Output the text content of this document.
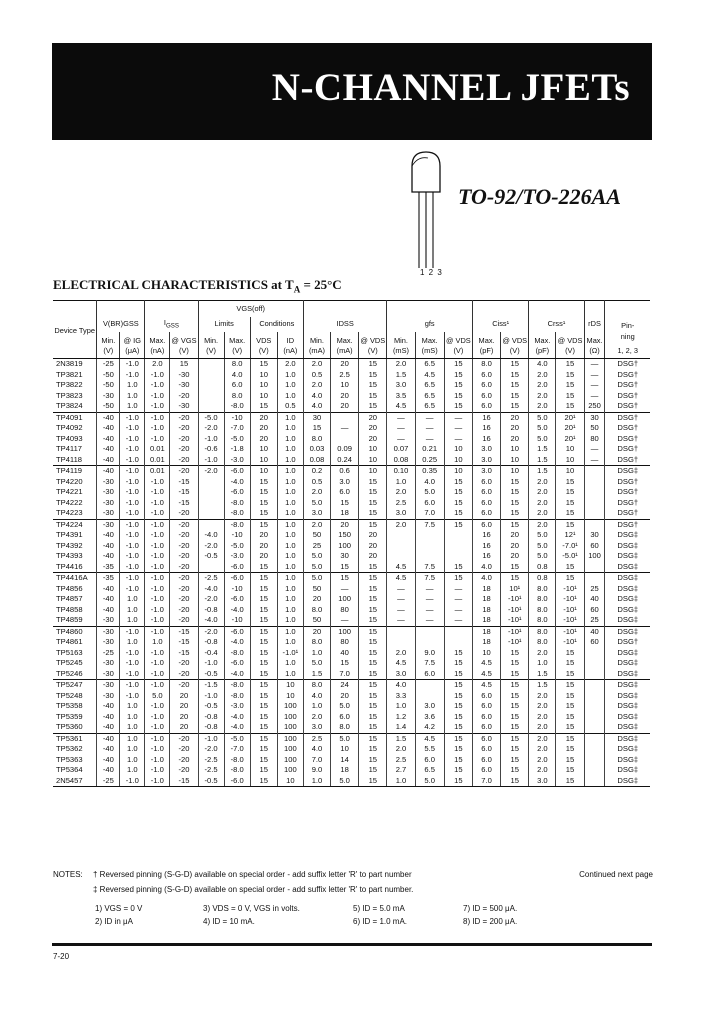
N-CHANNEL JFETs
1 2 3
TO-92/TO-226AA
ELECTRICAL CHARACTERISTICS at $T_A = 25^\circ C$
					VGS(off)															
Device Type	V(BR)GSS		$I_{GSS}$		Limits		Conditions		IDSS			gfs			Ciss¹		Crss¹		rDS	Pin-
ning
	Min.	@ IG	Max.	@ VGS	Min.	Max.	VDS	ID	Min.	Max.	@ VDS	Min.	Max.	@ VDS	Max.	@ VDS	Max.	@ VDS	Max.	
	(V)	(μA)	(nA)	(V)	(V)	(V)	(V)	(nA)	(mA)	(mA)	(V)	(mS)	(mS)	(V)	(pF)	(V)	(pF)	(V)	(Ω)	1, 2, 3
2N3819	-25	-1.0	2.0	15		8.0	15	2.0	2.0	20	15	2.0	6.5	15	8.0	15	4.0	15	—	DSG†
TP3821	-50	-1.0	-1.0	-30		4.0	10	1.0	0.5	2.5	15	1.5	4.5	15	6.0	15	2.0	15	—	DSG†
TP3822	-50	1.0	-1.0	-30		6.0	10	1.0	2.0	10	15	3.0	6.5	15	6.0	15	2.0	15	—	DSG†
TP3823	-30	1.0	-1.0	-20		8.0	10	1.0	4.0	20	15	3.5	6.5	15	6.0	15	2.0	15	—	DSG†
TP3824	-50	1.0	-1.0	-30		-8.0	15	0.5	4.0	20	15	4.5	6.5	15	6.0	15	2.0	15	250	DSG†
TP4091	-40	-1.0	-1.0	-20	-5.0	-10	20	1.0	30		20	—	—	—	16	20	5.0	20¹	30	DSG†
TP4092	-40	-1.0	-1.0	-20	-2.0	-7.0	20	1.0	15	—	20	—	—	—	16	20	5.0	20¹	50	DSG†
TP4093	-40	-1.0	-1.0	-20	-1.0	-5.0	20	1.0	8.0		20	—	—	—	16	20	5.0	20¹	80	DSG†
TP4117	-40	-1.0	0.01	-20	-0.6	-1.8	10	1.0	0.03	0.09	10	0.07	0.21	10	3.0	10	1.5	10	—	DSG†
TP4118	-40	-1.0	0.01	-20	-1.0	-3.0	10	1.0	0.08	0.24	10	0.08	0.25	10	3.0	10	1.5	10	—	DSG†
TP4119	-40	-1.0	0.01	-20	-2.0	-6.0	10	1.0	0.2	0.6	10	0.10	0.35	10	3.0	10	1.5	10		DSG‡
TP4220	-30	-1.0	-1.0	-15		-4.0	15	1.0	0.5	3.0	15	1.0	4.0	15	6.0	15	2.0	15		DSG†
TP4221	-30	-1.0	-1.0	-15		-6.0	15	1.0	2.0	6.0	15	2.0	5.0	15	6.0	15	2.0	15		DSG†
TP4222	-30	-1.0	-1.0	-15		-8.0	15	1.0	5.0	15	15	2.5	6.0	15	6.0	15	2.0	15		DSG†
TP4223	-30	-1.0	-1.0	-20		-8.0	15	1.0	3.0	18	15	3.0	7.0	15	6.0	15	2.0	15		DSG†
TP4224	-30	-1.0	-1.0	-20		-8.0	15	1.0	2.0	20	15	2.0	7.5	15	6.0	15	2.0	15		DSG†
TP4391	-40	-1.0	-1.0	-20	-4.0	-10	20	1.0	50	150	20				16	20	5.0	12¹	30	DSG‡
TP4392	-40	-1.0	-1.0	-20	-2.0	-5.0	20	1.0	25	100	20				16	20	5.0	-7.0¹	60	DSG‡
TP4393	-40	-1.0	-1.0	-20	-0.5	-3.0	20	1.0	5.0	30	20				16	20	5.0	-5.0¹	100	DSG‡
TP4416	-35	-1.0	-1.0	-20		-6.0	15	1.0	5.0	15	15	4.5	7.5	15	4.0	15	0.8	15		DSG‡
TP4416A	-35	-1.0	-1.0	-20	-2.5	-6.0	15	1.0	5.0	15	15	4.5	7.5	15	4.0	15	0.8	15		DSG‡
TP4856	-40	-1.0	-1.0	-20	-4.0	-10	15	1.0	50	—	15	—	—	—	18	10¹	8.0	-10¹	25	DSG‡
TP4857	-40	1.0	-1.0	-20	-2.0	-6.0	15	1.0	20	100	15	—	—	—	18	-10¹	8.0	-10¹	40	DSG‡
TP4858	-40	1.0	-1.0	-20	-0.8	-4.0	15	1.0	8.0	80	15	—	—	—	18	-10¹	8.0	-10¹	60	DSG‡
TP4859	-30	1.0	-1.0	-20	-4.0	-10	15	1.0	50	—	15	—	—	—	18	-10¹	8.0	-10¹	25	DSG‡
TP4860	-30	-1.0	-1.0	-15	-2.0	-6.0	15	1.0	20	100	15				18	-10¹	8.0	-10¹	40	DSG‡
TP4861	-30	1.0	1.0	-15	-0.8	-4.0	15	1.0	8.0	80	15				18	-10¹	8.0	-10¹	60	DSG†
TP5163	-25	-1.0	-1.0	-15	-0.4	-8.0	15	-1.0¹	1.0	40	15	2.0	9.0	15	10	15	2.0	15		DSG‡
TP5245	-30	-1.0	-1.0	-20	-1.0	-6.0	15	1.0	5.0	15	15	4.5	7.5	15	4.5	15	1.0	15		DSG‡
TP5246	-30	-1.0	-1.0	-20	-0.5	-4.0	15	1.0	1.5	7.0	15	3.0	6.0	15	4.5	15	1.5	15		DSG‡
TP5247	-30	-1.0	-1.0	-20	-1.5	-8.0	15	10	8.0	24	15	4.0		15	4.5	15	1.5	15		DSG‡
TP5248	-30	-1.0	5.0	20	-1.0	-8.0	15	10	4.0	20	15	3.3		15	6.0	15	2.0	15		DSG‡
TP5358	-40	1.0	-1.0	20	-0.5	-3.0	15	100	1.0	5.0	15	1.0	3.0	15	6.0	15	2.0	15		DSG‡
TP5359	-40	1.0	-1.0	20	-0.8	-4.0	15	100	2.0	6.0	15	1.2	3.6	15	6.0	15	2.0	15		DSG‡
TP5360	-40	1.0	-1.0	20	-0.8	-4.0	15	100	3.0	8.0	15	1.4	4.2	15	6.0	15	2.0	15		DSG‡
TP5361	-40	1.0	-1.0	-20	-1.0	-5.0	15	100	2.5	5.0	15	1.5	4.5	15	6.0	15	2.0	15		DSG‡
TP5362	-40	1.0	-1.0	-20	-2.0	-7.0	15	100	4.0	10	15	2.0	5.5	15	6.0	15	2.0	15		DSG‡
TP5363	-40	1.0	-1.0	-20	-2.5	-8.0	15	100	7.0	14	15	2.5	6.0	15	6.0	15	2.0	15		DSG‡
TP5364	-40	1.0	-1.0	-20	-2.5	-8.0	15	100	9.0	18	15	2.7	6.5	15	6.0	15	2.0	15		DSG‡
2N5457	-25	-1.0	-1.0	-15	-0.5	-6.0	15	10	1.0	5.0	15	1.0	5.0	15	7.0	15	3.0	15		DSG‡
NOTES: † Reversed pinning (S-G-D) available on special order - add suffix letter 'R' to part number	Continued next page
‡ Reversed pinning (S-G-D) available on special order - add suffix letter 'R' to part number.
1) VGS = 0 V
2) ID in μA
3) VDS = 0 V, VGS in volts.
4) ID = 10 mA.
5) ID = 5.0 mA
6) ID = 1.0 mA.
7) ID = 500 μA.
8) ID = 200 μA.
7-20
